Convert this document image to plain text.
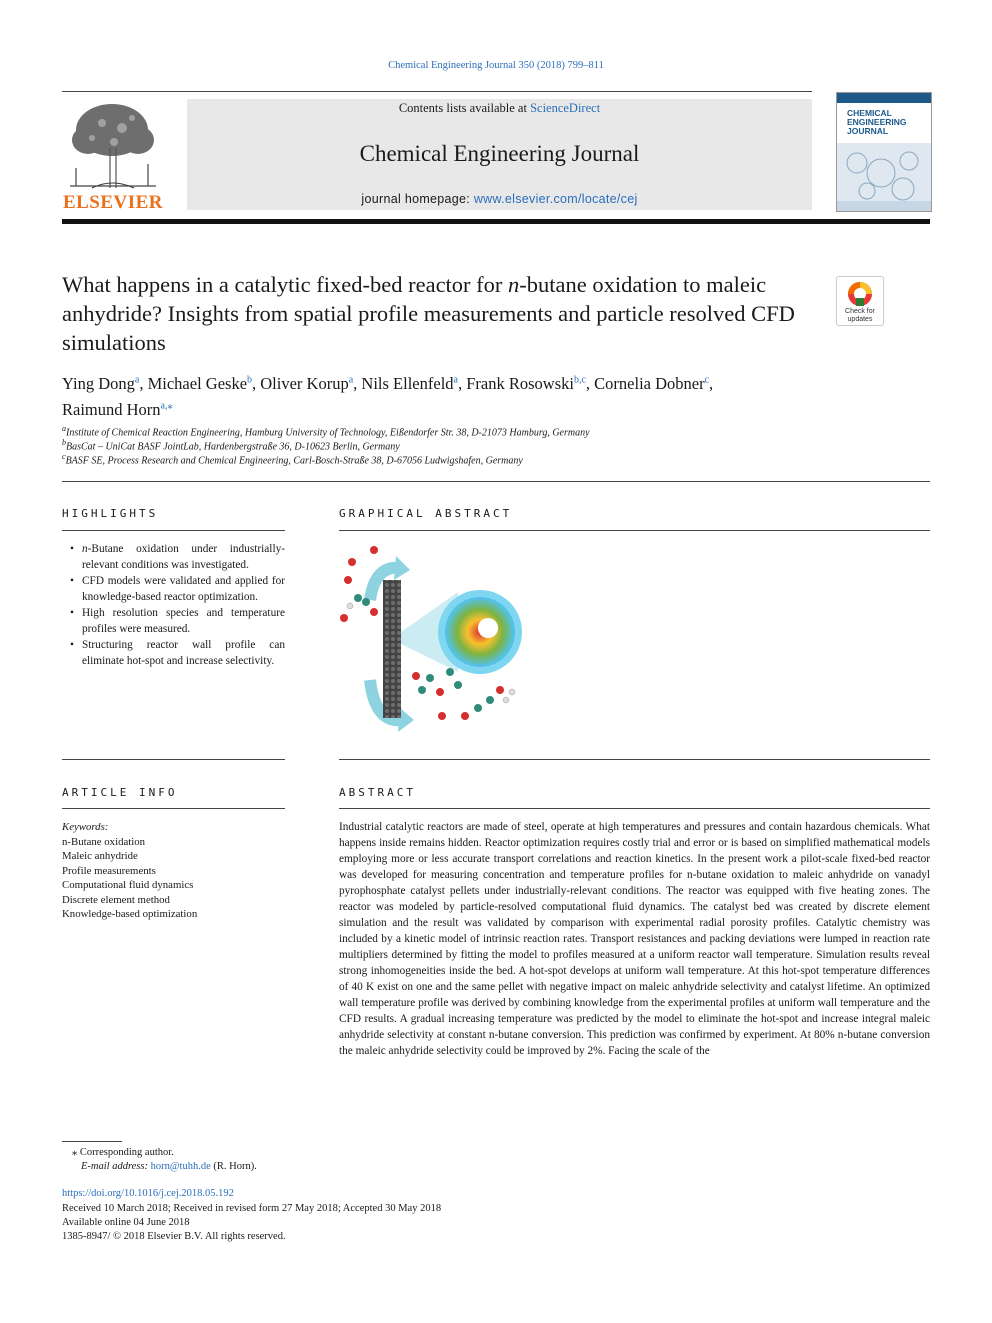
Chemical Engineering Journal 350 (2018) 799–811
ELSEVIER
Contents lists available at ScienceDirect
Chemical Engineering Journal
journal homepage: www.elsevier.com/locate/cej
CHEMICAL ENGINEERING JOURNAL
What happens in a catalytic fixed-bed reactor for n-butane oxidation to maleic anhydride? Insights from spatial profile measurements and particle resolved CFD simulations
Check for updates
Ying Dong$^a$, Michael Geske$^b$, Oliver Korup$^a$, Nils Ellenfeld$^a$, Frank Rosowski$^{b,c}$, Cornelia Dobner$^c$,
Raimund Horn$^{a,⁎}$
$^a$Institute of Chemical Reaction Engineering, Hamburg University of Technology, Eißendorfer Str. 38, D-21073 Hamburg, Germany
$^b$BasCat – UniCat BASF JointLab, Hardenbergstraße 36, D-10623 Berlin, Germany
$^c$BASF SE, Process Research and Chemical Engineering, Carl-Bosch-Straße 38, D-67056 Ludwigshafen, Germany
HIGHLIGHTS
• n-Butane oxidation under industrially-relevant conditions was investigated.
• CFD models were validated and applied for knowledge-based reactor optimization.
• High resolution species and temperature profiles were measured.
• Structuring reactor wall profile can eliminate hot-spot and increase selectivity.
GRAPHICAL ABSTRACT
ARTICLE INFO
Keywords:
n-Butane oxidation
Maleic anhydride
Profile measurements
Computational fluid dynamics
Discrete element method
Knowledge-based optimization
ABSTRACT
Industrial catalytic reactors are made of steel, operate at high temperatures and pressures and contain hazardous chemicals. What happens inside remains hidden. Reactor optimization requires costly trial and error or is based on simplified mathematical models employing more or less accurate transport correlations and reaction kinetics. In the present work a pilot-scale fixed-bed reactor was developed for measuring concentration and temperature profiles for n-butane oxidation to maleic anhydride on vanadyl pyrophosphate catalyst pellets under industrially-relevant conditions. The reactor was equipped with five heating zones. The reactor was modeled by particle-resolved computational fluid dynamics. The catalyst bed was created by discrete element simulation and the result was validated by comparison with experimental radial porosity profiles. Catalytic chemistry was included by a kinetic model of intrinsic reaction rates. Transport resistances and packing deviations were lumped in reaction rate multipliers determined by fitting the model to profiles measured at a uniform reactor wall temperature. Simulation results reveal strong inhomogeneities inside the bed. A hot-spot develops at uniform wall temperature. At this hot-spot temperature differences of 40 K exist on one and the same pellet with negative impact on maleic anhydride selectivity and catalyst lifetime. An optimized wall temperature profile was derived by combining knowledge from the experimental profiles at uniform wall temperature and the CFD results. A gradual increasing temperature was predicted by the model to eliminate the hot-spot and increase integral maleic anhydride selectivity at constant n-butane conversion. This prediction was confirmed by experiment. At 80% n-butane conversion the maleic anhydride selectivity could be improved by 2%. Facing the scale of the
⁎ Corresponding author.
E-mail address: horn@tuhh.de (R. Horn).
https://doi.org/10.1016/j.cej.2018.05.192
Received 10 March 2018; Received in revised form 27 May 2018; Accepted 30 May 2018
Available online 04 June 2018
1385-8947/ © 2018 Elsevier B.V. All rights reserved.
